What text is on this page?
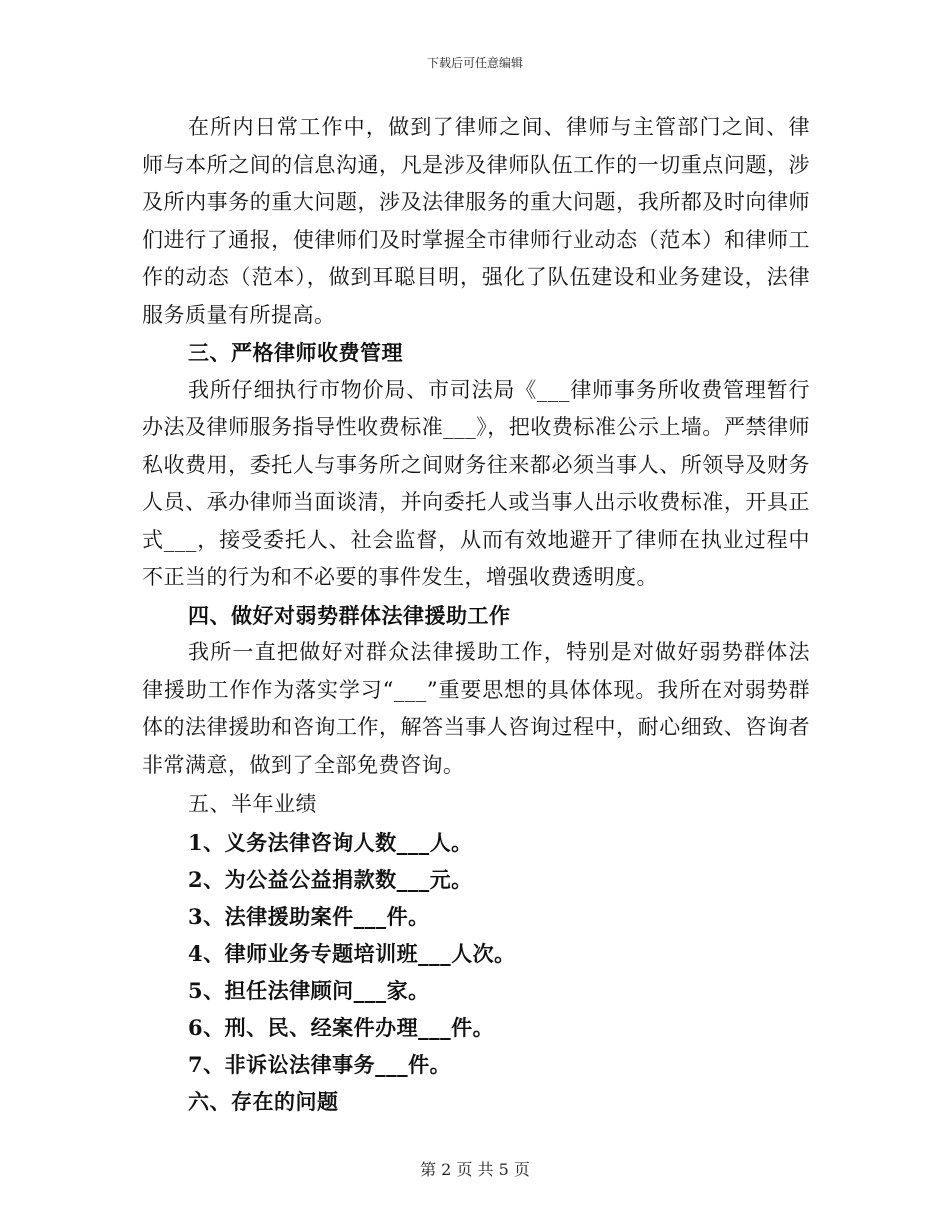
下载后可任意编辑

在所内日常工作中，做到了律师之间、律师与主管部门之间、律师与本所之间的信息沟通，凡是涉及律师队伍工作的一切重点问题，涉及所内事务的重大问题，涉及法律服务的重大问题，我所都及时向律师们进行了通报，使律师们及时掌握全市律师行业动态（范本）和律师工作的动态（范本），做到耳聪目明，强化了队伍建设和业务建设，法律服务质量有所提高。

三、严格律师收费管理

我所仔细执行市物价局、市司法局《___律师事务所收费管理暂行办法及律师服务指导性收费标准___》，把收费标准公示上墙。严禁律师私收费用，委托人与事务所之间财务往来都必须当事人、所领导及财务人员、承办律师当面谈清，并向委托人或当事人出示收费标准，开具正式___，接受委托人、社会监督，从而有效地避开了律师在执业过程中不正当的行为和不必要的事件发生，增强收费透明度。

四、做好对弱势群体法律援助工作

我所一直把做好对群众法律援助工作，特别是对做好弱势群体法律援助工作作为落实学习“___”重要思想的具体体现。我所在对弱势群体的法律援助和咨询工作，解答当事人咨询过程中，耐心细致、咨询者非常满意，做到了全部免费咨询。

五、半年业绩

1、义务法律咨询人数___人。

2、为公益公益捐款数___元。

3、法律援助案件___件。

4、律师业务专题培训班___人次。

5、担任法律顾问___家。

6、刑、民、经案件办理___件。

7、非诉讼法律事务___件。

六、存在的问题

第 2 页 共 5 页
